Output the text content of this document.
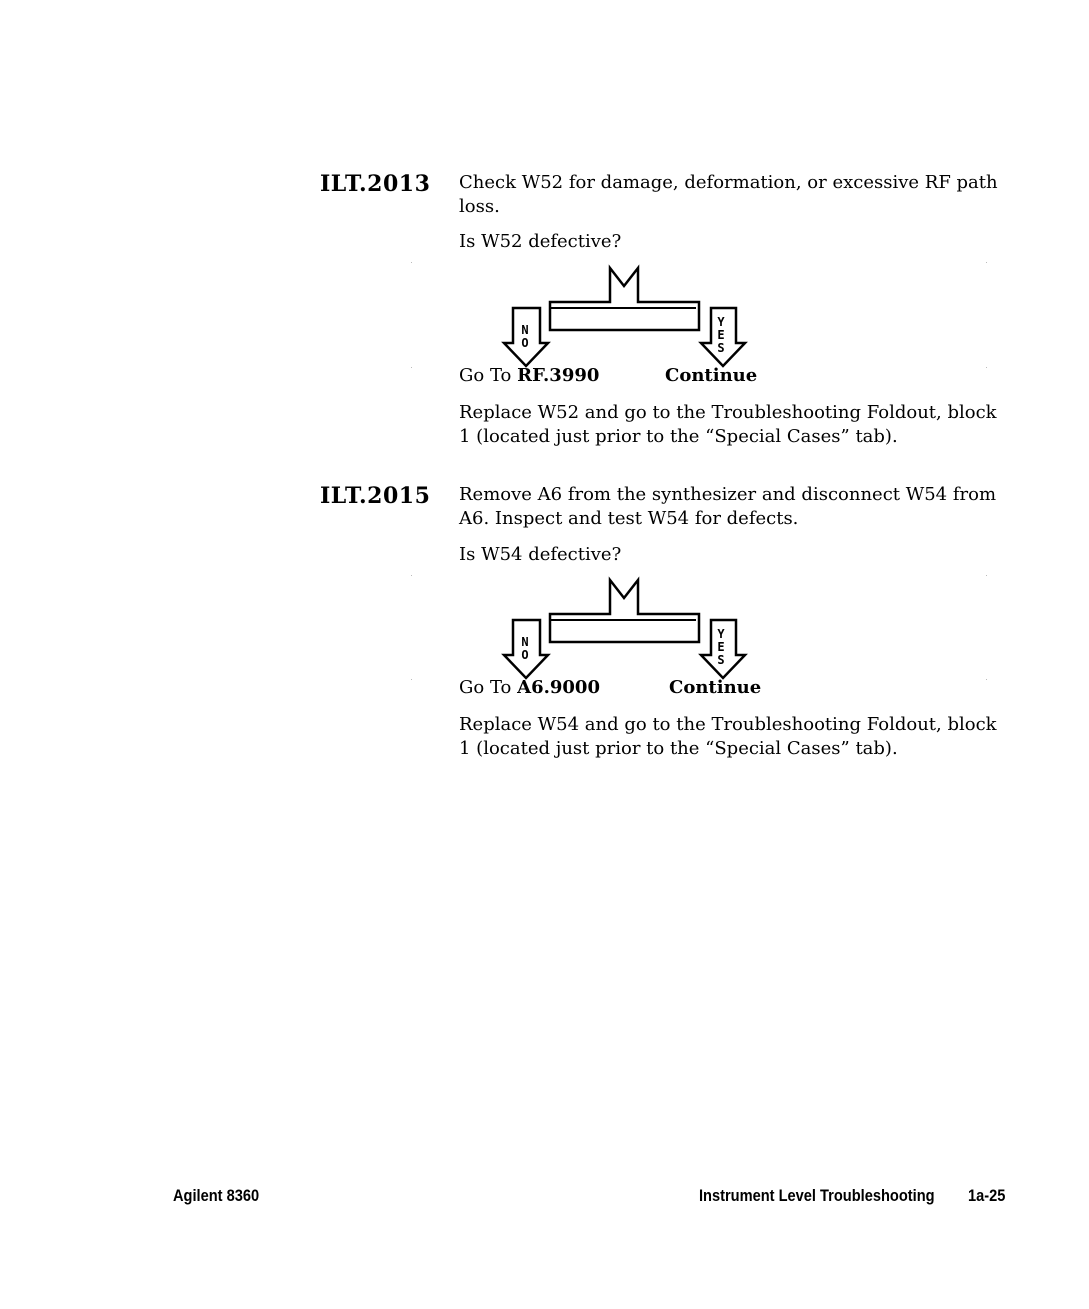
ILT.2013 Check W52 for damage, deformation, or excessive RF path loss.

Is W52 defective?

N
O
Y
E
S
Go To RF.3990	Continue

Replace W52 and go to the Troubleshooting Foldout, block 1 (located just prior to the “Special Cases” tab).

ILT.2015 Remove A6 from the synthesizer and disconnect W54 from A6. Inspect and test W54 for defects.

Is W54 defective?

N
O
Y
E
S
Go To A6.9000	Continue

Replace W54 and go to the Troubleshooting Foldout, block 1 (located just prior to the “Special Cases” tab).

Agilent 8360	Instrument Level Troubleshooting 1a-25
